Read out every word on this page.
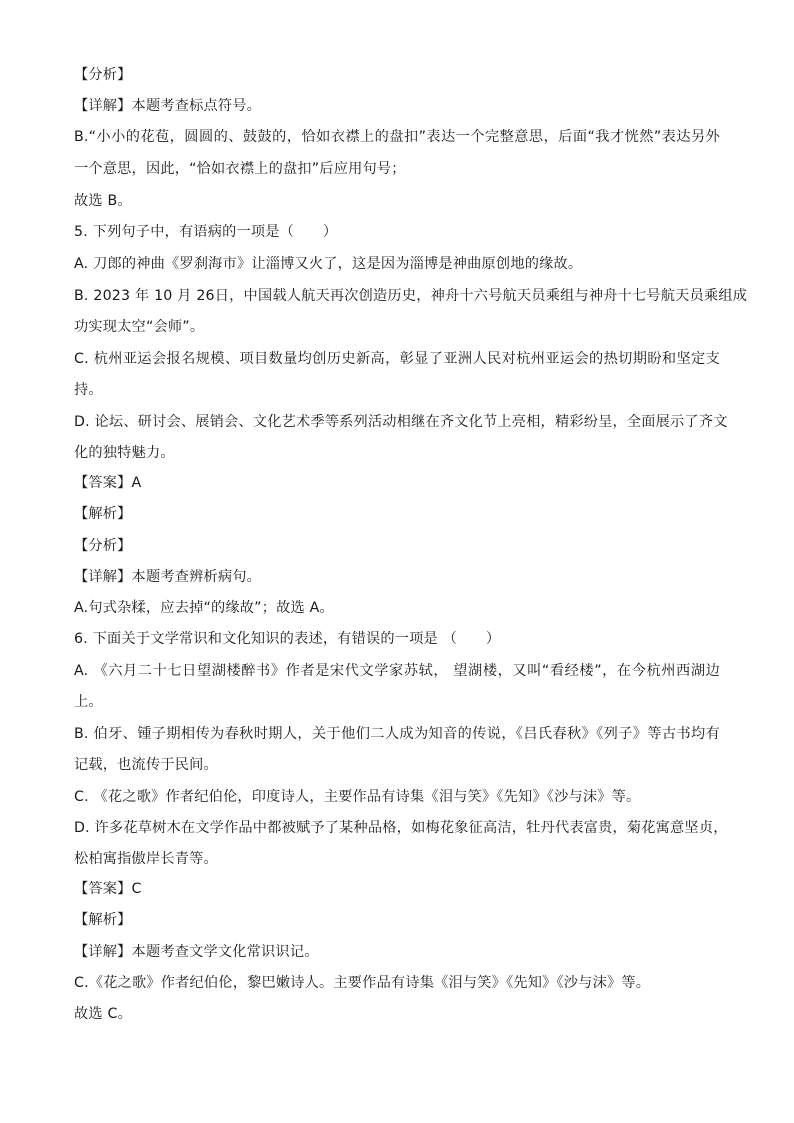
【分析】
【详解】本题考查标点符号。
B.“小小的花苞，圆圆的、鼓鼓的，恰如衣襟上的盘扣”表达一个完整意思，后面“我才恍然”表达另外
一个意思，因此，“恰如衣襟上的盘扣”后应用句号；
故选 B。
5. 下列句子中，有语病的一项是（　　）
A. 刀郎的神曲《罗刹海市》让淄博又火了，这是因为淄博是神曲原创地的缘故。
B. 2023 年 10 月 26日，中国载人航天再次创造历史，神舟十六号航天员乘组与神舟十七号航天员乘组成
功实现太空“会师”。
C. 杭州亚运会报名规模、项目数量均创历史新高，彰显了亚洲人民对杭州亚运会的热切期盼和坚定支
持。
D. 论坛、研讨会、展销会、文化艺术季等系列活动相继在齐文化节上亮相，精彩纷呈，全面展示了齐文
化的独特魅力。
【答案】A
【解析】
【分析】
【详解】本题考查辨析病句。
A.句式杂糅，应去掉“的缘故”；故选 A。
6. 下面关于文学常识和文化知识的表述，有错误的一项是 （　　）
A. 《六月二十七日望湖楼醉书》作者是宋代文学家苏轼， 望湖楼，又叫“看经楼”，在今杭州西湖边
上。
B. 伯牙、锺子期相传为春秋时期人，关于他们二人成为知音的传说，《吕氏春秋》《列子》等古书均有
记载，也流传于民间。
C. 《花之歌》作者纪伯伦，印度诗人，主要作品有诗集《泪与笑》《先知》《沙与沫》等。
D. 许多花草树木在文学作品中都被赋予了某种品格，如梅花象征高洁，牡丹代表富贵，菊花寓意坚贞，
松柏寓指傲岸长青等。
【答案】C
【解析】
【详解】本题考查文学文化常识识记。
C.《花之歌》作者纪伯伦，黎巴嫩诗人。主要作品有诗集《泪与笑》《先知》《沙与沫》等。
故选 C。
